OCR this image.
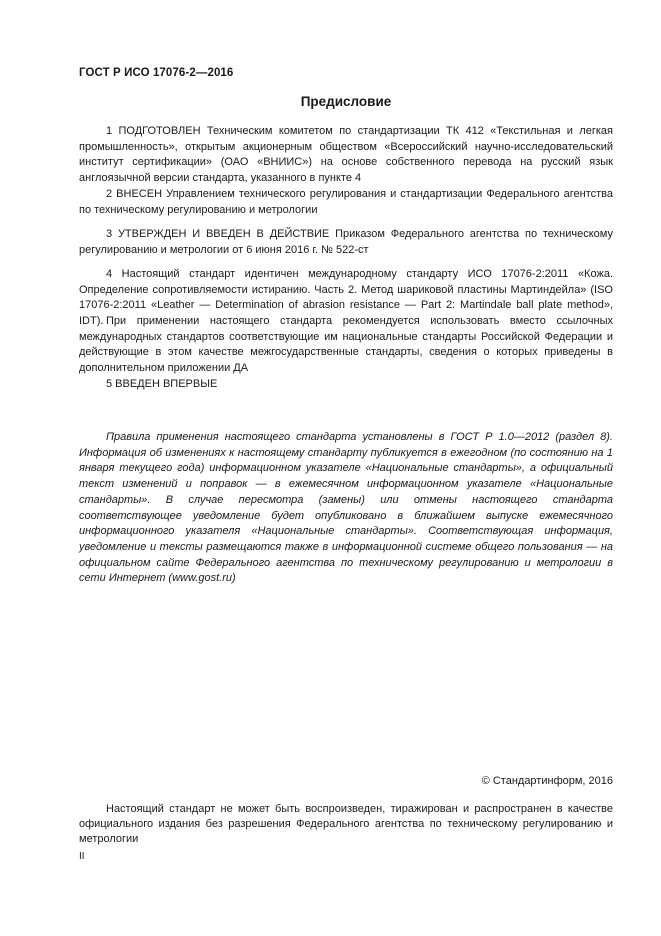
ГОСТ Р ИСО 17076-2—2016
Предисловие

1 ПОДГОТОВЛЕН Техническим комитетом по стандартизации ТК 412 «Текстильная и легкая промышленность», открытым акционерным обществом «Всероссийский научно-исследовательский институт сертификации» (ОАО «ВНИИС») на основе собственного перевода на русский язык англоязычной версии стандарта, указанного в пункте 4

2 ВНЕСЕН Управлением технического регулирования и стандартизации Федерального агентства по техническому регулированию и метрологии

3 УТВЕРЖДЕН И ВВЕДЕН В ДЕЙСТВИЕ Приказом Федерального агентства по техническому регулированию и метрологии от 6 июня 2016 г. № 522-ст

4 Настоящий стандарт идентичен международному стандарту ИСО 17076-2:2011 «Кожа. Определение сопротивляемости истиранию. Часть 2. Метод шариковой пластины Мартиндейла» (ISO 17076-2:2011 «Leather — Determination of abrasion resistance — Part 2: Martindale ball plate method», IDT). При применении настоящего стандарта рекомендуется использовать вместо ссылочных международных стандартов соответствующие им национальные стандарты Российской Федерации и действующие в этом качестве межгосударственные стандарты, сведения о которых приведены в дополнительном приложении ДА

5 ВВЕДЕН ВПЕРВЫЕ

Правила применения настоящего стандарта установлены в ГОСТ Р 1.0—2012 (раздел 8). Информация об изменениях к настоящему стандарту публикуется в ежегодном (по состоянию на 1 января текущего года) информационном указателе «Национальные стандарты», а официальный текст изменений и поправок — в ежемесячном информационном указателе «Национальные стандарты». В случае пересмотра (замены) или отмены настоящего стандарта соответствующее уведомление будет опубликовано в ближайшем выпуске ежемесячного информационного указателя «Национальные стандарты». Соответствующая информация, уведомление и тексты размещаются также в информационной системе общего пользования — на официальном сайте Федерального агентства по техническому регулированию и метрологии в сети Интернет (www.gost.ru)

© Стандартинформ, 2016

Настоящий стандарт не может быть воспроизведен, тиражирован и распространен в качестве официального издания без разрешения Федерального агентства по техническому регулированию и метрологии

II
